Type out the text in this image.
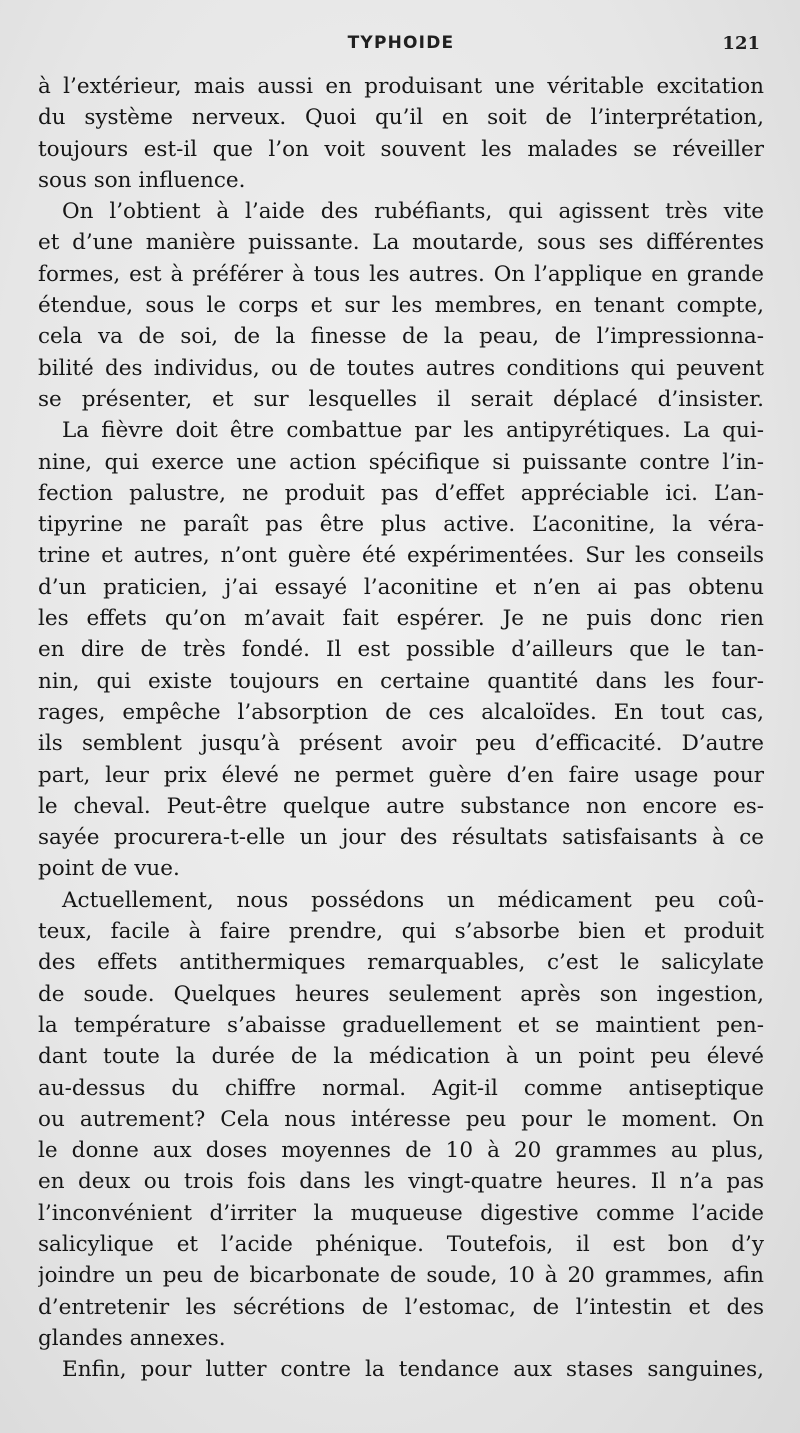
TYPHOIDE	121

à l’extérieur, mais aussi en produisant une véritable excitation
du système nerveux. Quoi qu’il en soit de l’interprétation,
toujours est-il que l’on voit souvent les malades se réveiller
sous son influence.

On l’obtient à l’aide des rubéfiants, qui agissent très vite
et d’une manière puissante. La moutarde, sous ses différentes
formes, est à préférer à tous les autres. On l’applique en grande
étendue, sous le corps et sur les membres, en tenant compte,
cela va de soi, de la finesse de la peau, de l’impressionna-
bilité des individus, ou de toutes autres conditions qui peuvent
se présenter, et sur lesquelles il serait déplacé d’insister.

La fièvre doit être combattue par les antipyrétiques. La qui-
nine, qui exerce une action spécifique si puissante contre l’in-
fection palustre, ne produit pas d’effet appréciable ici. L’an-
tipyrine ne paraît pas être plus active. L’aconitine, la véra-
trine et autres, n’ont guère été expérimentées. Sur les conseils
d’un praticien, j’ai essayé l’aconitine et n’en ai pas obtenu
les effets qu’on m’avait fait espérer. Je ne puis donc rien
en dire de très fondé. Il est possible d’ailleurs que le tan-
nin, qui existe toujours en certaine quantité dans les four-
rages, empêche l’absorption de ces alcaloïdes. En tout cas,
ils semblent jusqu’à présent avoir peu d’efficacité. D’autre
part, leur prix élevé ne permet guère d’en faire usage pour
le cheval. Peut-être quelque autre substance non encore es-
sayée procurera-t-elle un jour des résultats satisfaisants à ce
point de vue.

Actuellement, nous possédons un médicament peu coû-
teux, facile à faire prendre, qui s’absorbe bien et produit
des effets antithermiques remarquables, c’est le salicylate
de soude. Quelques heures seulement après son ingestion,
la température s’abaisse graduellement et se maintient pen-
dant toute la durée de la médication à un point peu élevé
au-dessus du chiffre normal. Agit-il comme antiseptique
ou autrement? Cela nous intéresse peu pour le moment. On
le donne aux doses moyennes de 10 à 20 grammes au plus,
en deux ou trois fois dans les vingt-quatre heures. Il n’a pas
l’inconvénient d’irriter la muqueuse digestive comme l’acide
salicylique et l’acide phénique. Toutefois, il est bon d’y
joindre un peu de bicarbonate de soude, 10 à 20 grammes, afin
d’entretenir les sécrétions de l’estomac, de l’intestin et des
glandes annexes.

Enfin, pour lutter contre la tendance aux stases sanguines,
